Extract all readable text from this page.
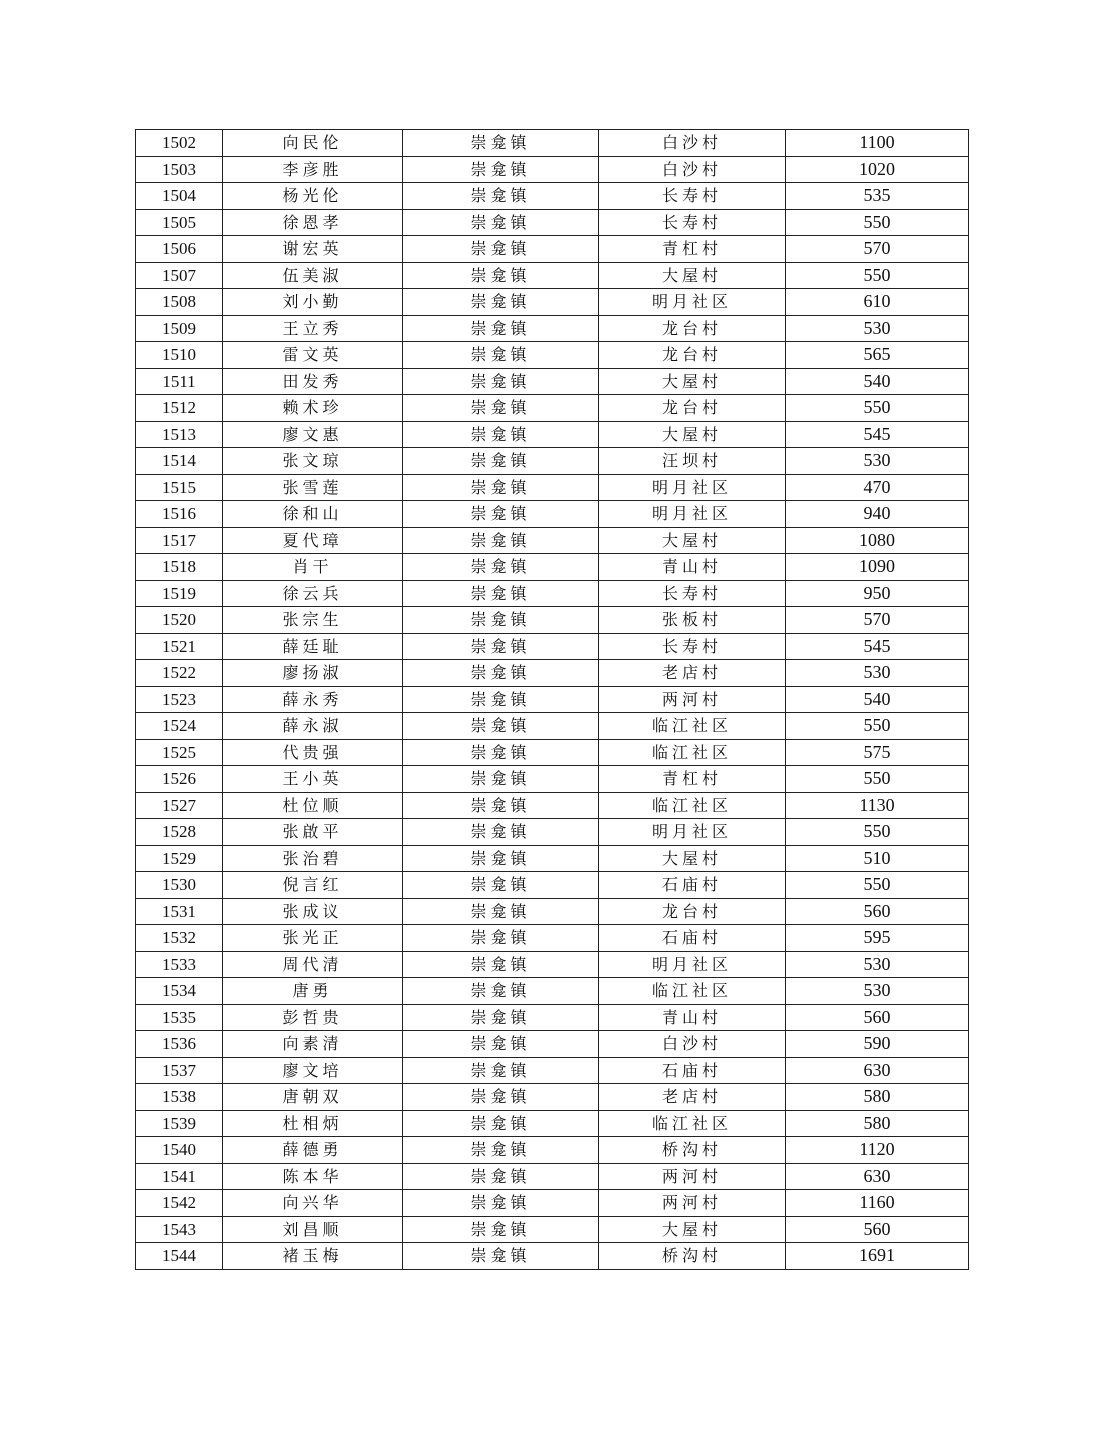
1502	向民伦	崇龛镇	白沙村	1100
1503	李彦胜	崇龛镇	白沙村	1020
1504	杨光伦	崇龛镇	长寿村	535
1505	徐恩孝	崇龛镇	长寿村	550
1506	谢宏英	崇龛镇	青杠村	570
1507	伍美淑	崇龛镇	大屋村	550
1508	刘小勤	崇龛镇	明月社区	610
1509	王立秀	崇龛镇	龙台村	530
1510	雷文英	崇龛镇	龙台村	565
1511	田发秀	崇龛镇	大屋村	540
1512	赖术珍	崇龛镇	龙台村	550
1513	廖文惠	崇龛镇	大屋村	545
1514	张文琼	崇龛镇	汪坝村	530
1515	张雪莲	崇龛镇	明月社区	470
1516	徐和山	崇龛镇	明月社区	940
1517	夏代璋	崇龛镇	大屋村	1080
1518	肖干	崇龛镇	青山村	1090
1519	徐云兵	崇龛镇	长寿村	950
1520	张宗生	崇龛镇	张板村	570
1521	薛廷耻	崇龛镇	长寿村	545
1522	廖扬淑	崇龛镇	老店村	530
1523	薛永秀	崇龛镇	两河村	540
1524	薛永淑	崇龛镇	临江社区	550
1525	代贵强	崇龛镇	临江社区	575
1526	王小英	崇龛镇	青杠村	550
1527	杜位顺	崇龛镇	临江社区	1130
1528	张啟平	崇龛镇	明月社区	550
1529	张治碧	崇龛镇	大屋村	510
1530	倪言红	崇龛镇	石庙村	550
1531	张成议	崇龛镇	龙台村	560
1532	张光正	崇龛镇	石庙村	595
1533	周代清	崇龛镇	明月社区	530
1534	唐勇	崇龛镇	临江社区	530
1535	彭哲贵	崇龛镇	青山村	560
1536	向素清	崇龛镇	白沙村	590
1537	廖文培	崇龛镇	石庙村	630
1538	唐朝双	崇龛镇	老店村	580
1539	杜相炳	崇龛镇	临江社区	580
1540	薛德勇	崇龛镇	桥沟村	1120
1541	陈本华	崇龛镇	两河村	630
1542	向兴华	崇龛镇	两河村	1160
1543	刘昌顺	崇龛镇	大屋村	560
1544	褚玉梅	崇龛镇	桥沟村	1691
